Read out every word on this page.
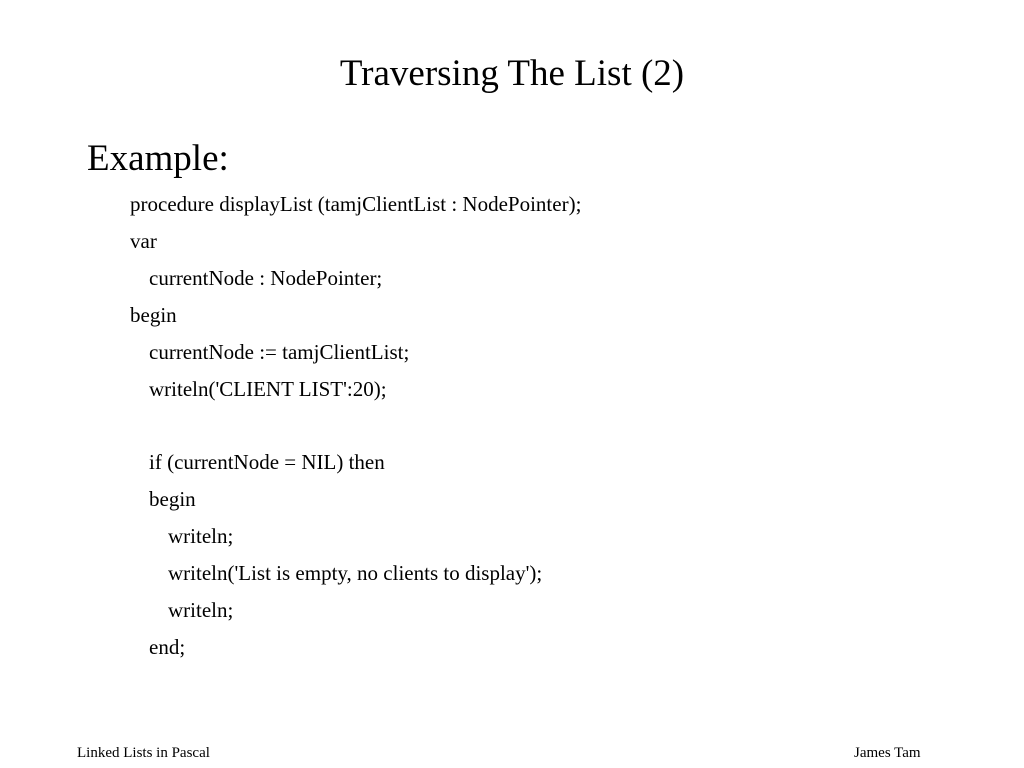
Traversing The List (2)
Example:
procedure displayList (tamjClientList : NodePointer);
var
currentNode : NodePointer;
begin
currentNode := tamjClientList;
writeln('CLIENT LIST':20);
if (currentNode = NIL) then
begin
writeln;
writeln('List is empty, no clients to display');
writeln;
end;
Linked Lists in Pascal	James Tam
